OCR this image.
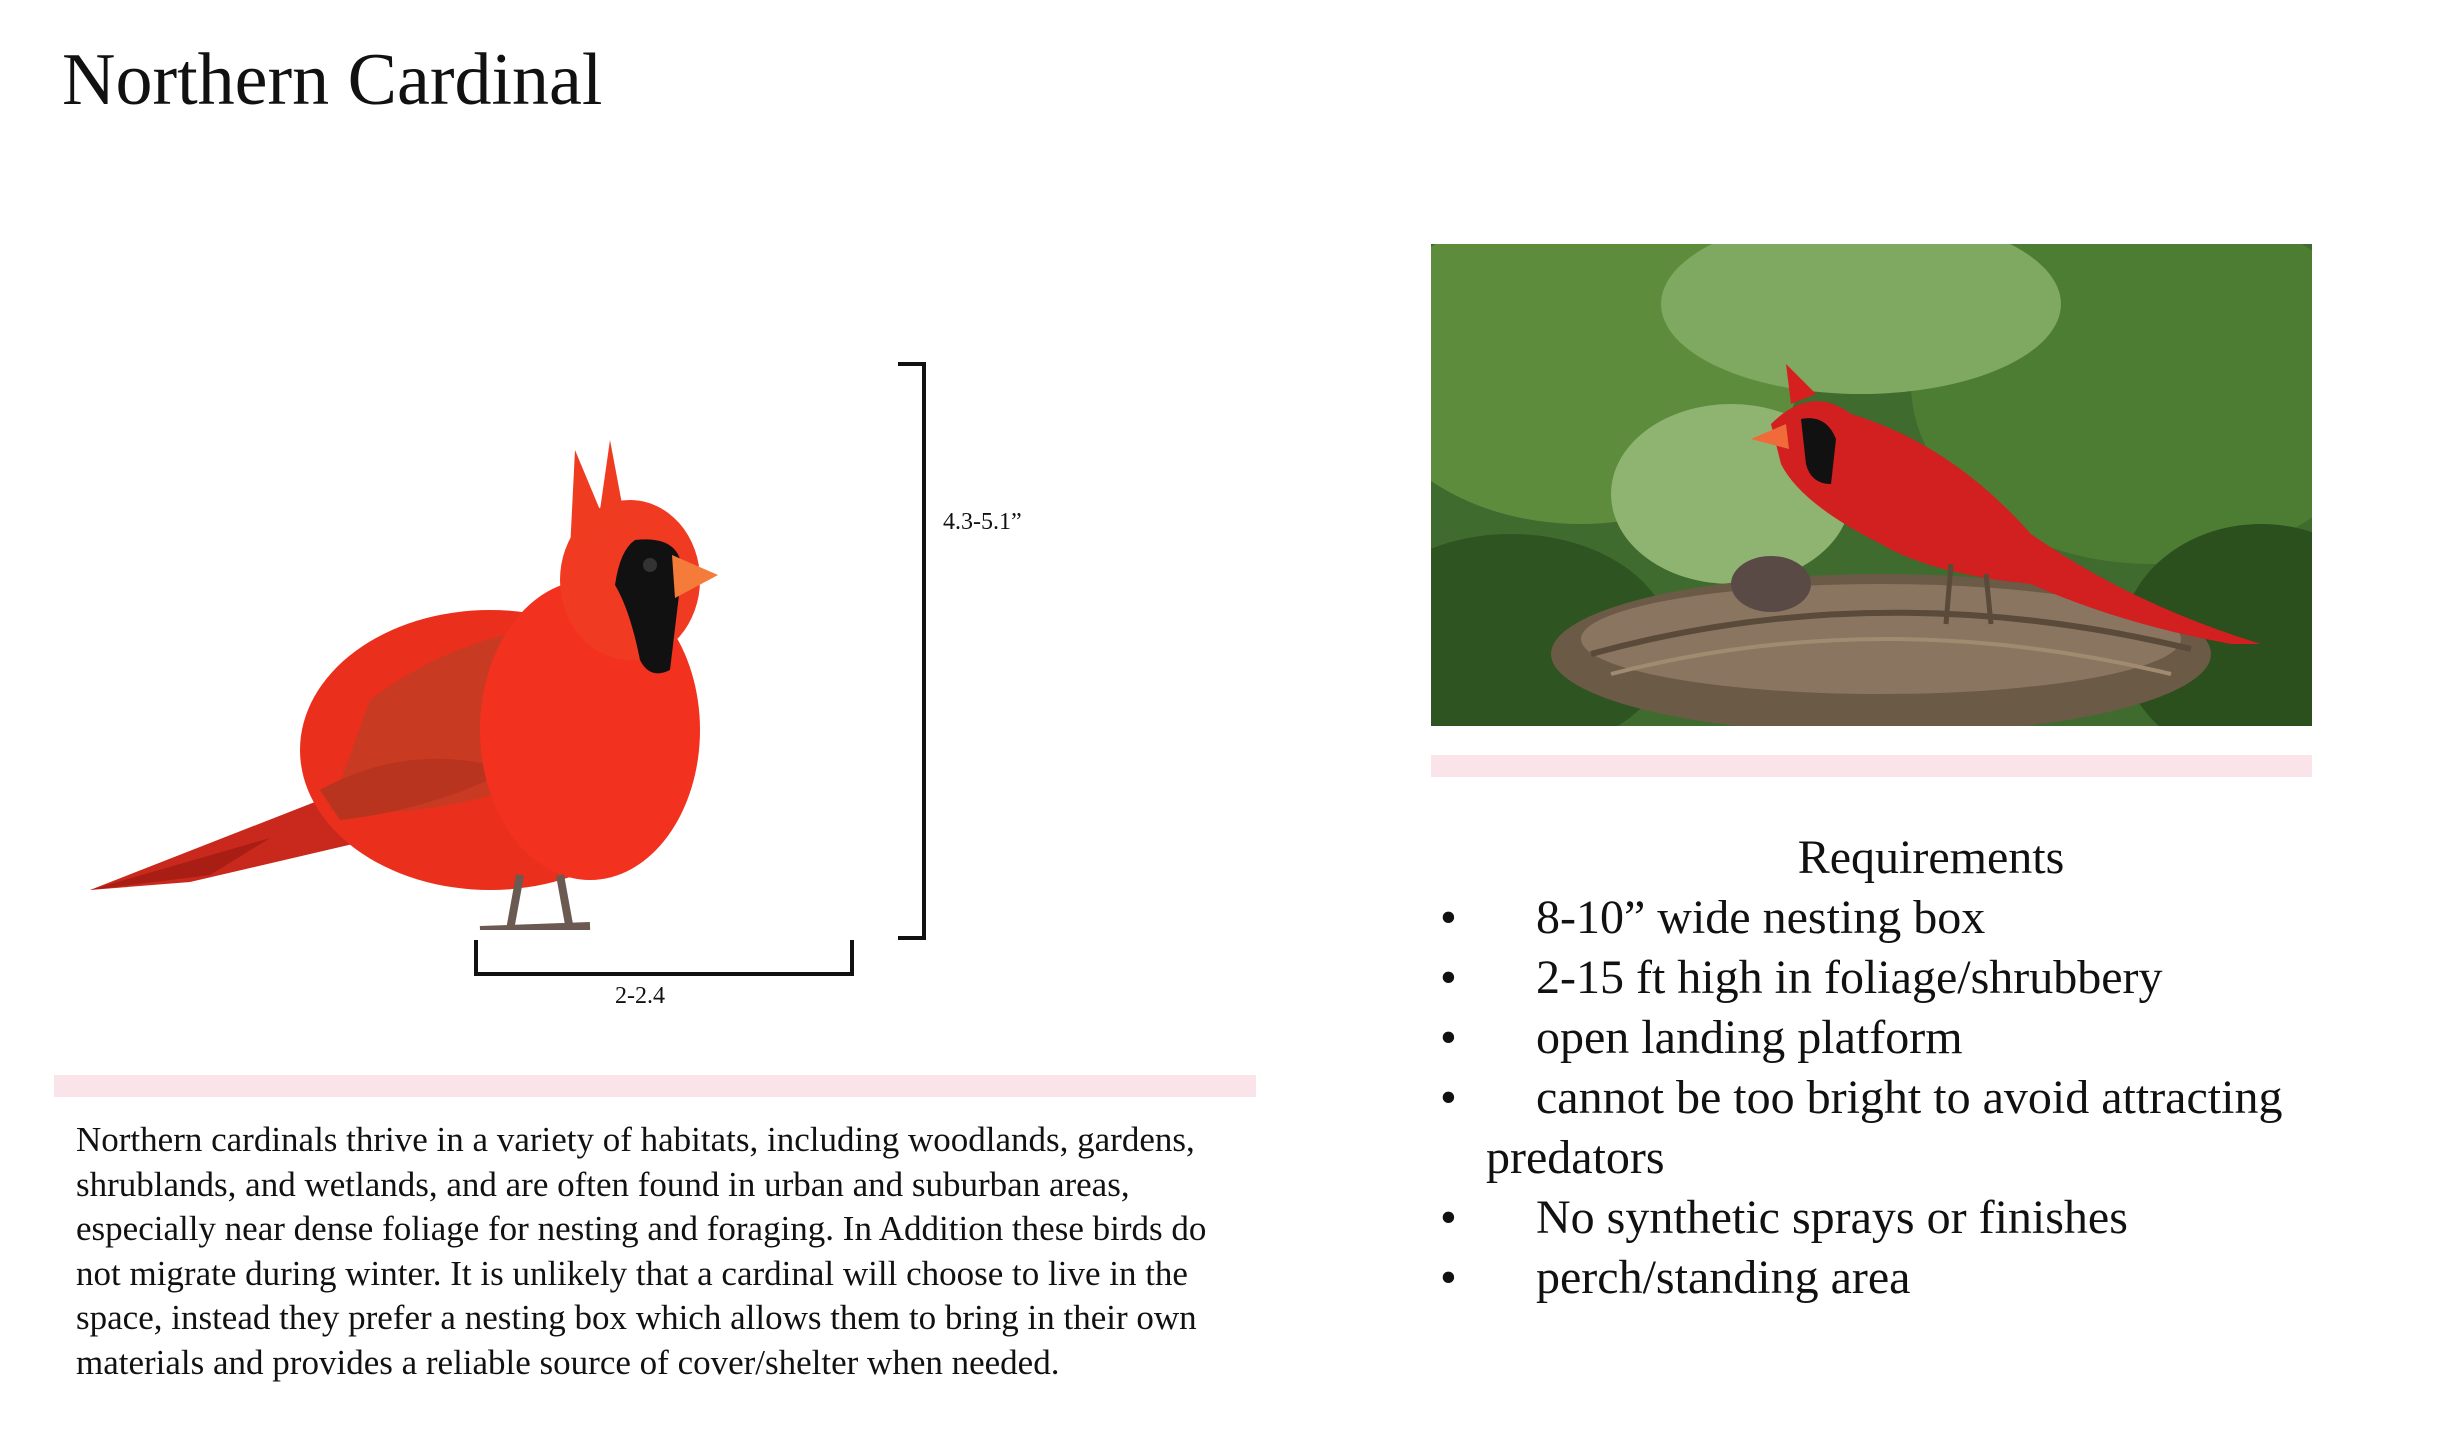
Northern Cardinal
4.3-5.1”
2-2.4

Northern cardinals thrive in a variety of habitats, including woodlands, gardens, shrublands, and wetlands, and are often found in urban and suburban areas, especially near dense foliage for nesting and foraging. In Addition these birds do not migrate during winter. It is unlikely that a cardinal will choose to live in the space, instead they prefer a nesting box which allows them to bring in their own materials and provides a reliable source of cover/shelter when needed.

Requirements
•	8-10” wide nesting box
•	2-15 ft high in foliage/shrubbery
•	open landing platform
•	cannot be too bright to avoid attracting
predators
•	No synthetic sprays or finishes
•	perch/standing area
